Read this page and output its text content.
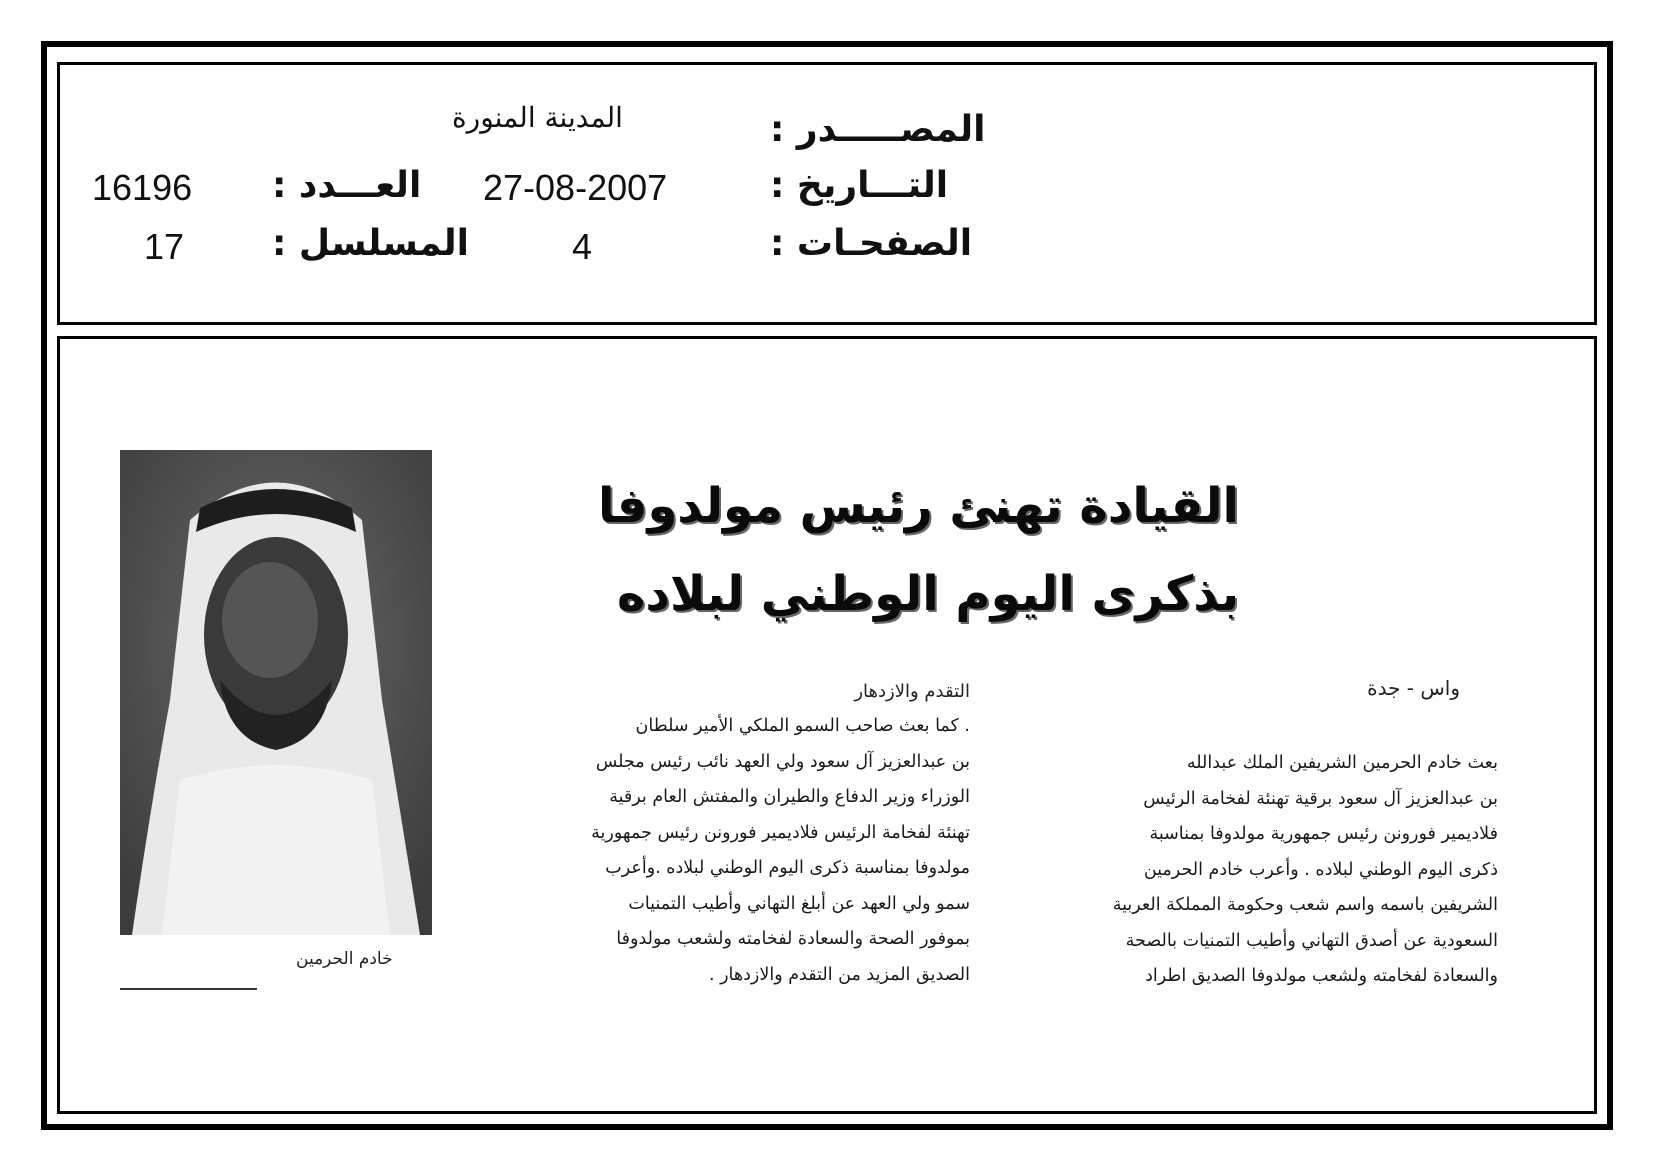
المصـــــدر :
المدينة المنورة
التـــاريخ :
27-08-2007
الصفحـات :
4
العـــدد :
16196
المسلسل :
17
القيادة تهنئ رئيس مولدوفا
بذكرى اليوم الوطني لبلاده
واس - جدة
التقدم والازدهار

بعث خادم الحرمين الشريفين الملك عبدالله

بن عبدالعزيز آل سعود برقية تهنئة لفخامة الرئيس

فلاديمير فورونن رئيس جمهورية مولدوفا بمناسبة

ذكرى اليوم الوطني لبلاده . وأعرب خادم الحرمين

الشريفين باسمه واسم شعب وحكومة المملكة العربية

السعودية عن أصدق التهاني وأطيب التمنيات بالصحة

والسعادة لفخامته ولشعب مولدوفا الصديق اطراد

. كما بعث صاحب السمو الملكي الأمير سلطان

بن عبدالعزيز آل سعود ولي العهد نائب رئيس مجلس

الوزراء وزير الدفاع والطيران والمفتش العام برقية

تهنئة لفخامة الرئيس فلاديمير فورونن رئيس جمهورية

مولدوفا بمناسبة ذكرى اليوم الوطني لبلاده .وأعرب

سمو ولي العهد عن أبلغ التهاني وأطيب التمنيات

بموفور الصحة والسعادة لفخامته ولشعب مولدوفا

الصديق المزيد من التقدم والازدهار .

خادم الحرمين
